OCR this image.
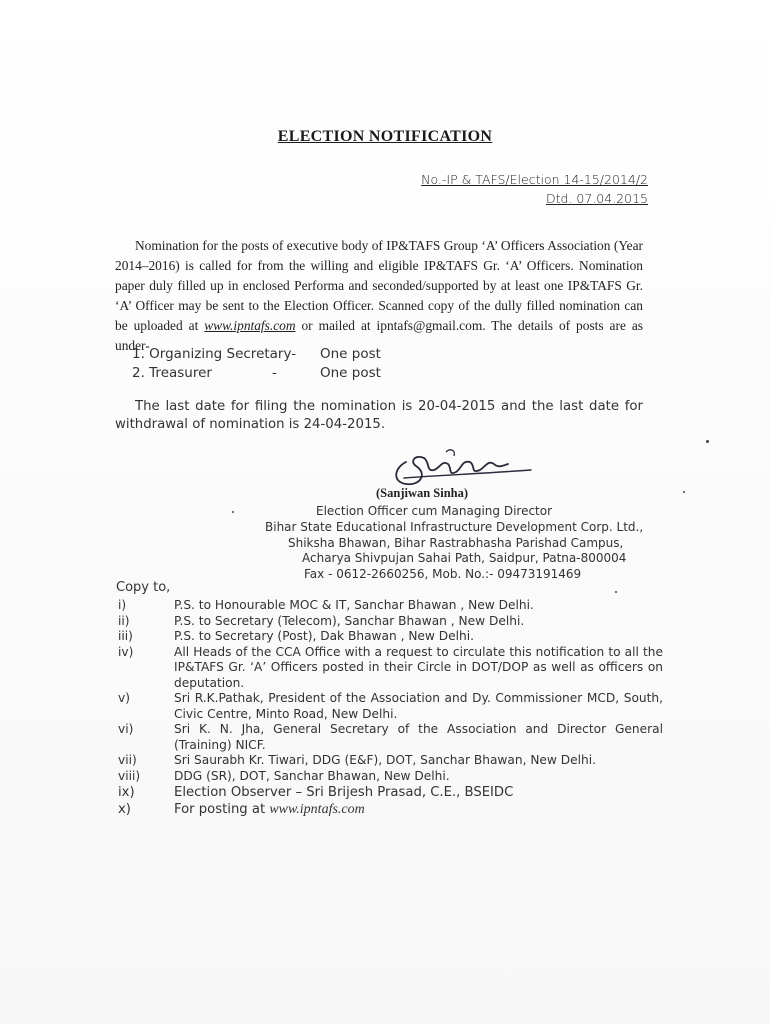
ELECTION NOTIFICATION
No.-IP & TAFS/Election 14-15/2014/2
Dtd. 07.04.2015
Nomination for the posts of executive body of IP&TAFS Group ‘A’ Officers Association (Year 2014–2016) is called for from the willing and eligible IP&TAFS Gr. ‘A’ Officers. Nomination paper duly filled up in enclosed Performa and seconded/supported by at least one IP&TAFS Gr. ‘A’ Officer may be sent to the Election Officer. Scanned copy of the dully filled nomination can be uploaded at www.ipntafs.com or mailed at ipntafs@gmail.com. The details of posts are as under-
1. Organizing Secretary-	One post
2. Treasurer              -	One post
The last date for filing the nomination is 20-04-2015 and the last date for withdrawal of nomination is 24-04-2015.
(Sanjiwan Sinha)
Election Officer cum Managing Director
Bihar State Educational Infrastructure Development Corp. Ltd.,
Shiksha Bhawan, Bihar Rastrabhasha Parishad Campus,
Acharya Shivpujan Sahai Path, Saidpur, Patna-800004
Fax - 0612-2660256, Mob. No.:- 09473191469
Copy to,
i)	P.S. to Honourable MOC & IT, Sanchar Bhawan , New Delhi.
ii)	P.S. to Secretary (Telecom), Sanchar Bhawan , New Delhi.
iii)	P.S. to Secretary (Post), Dak Bhawan , New Delhi.
iv)	All Heads of the CCA Office with a request to circulate this notification to all the IP&TAFS Gr. ‘A’ Officers posted in their Circle in DOT/DOP as well as officers on deputation.
v)	Sri R.K.Pathak, President of the Association and Dy. Commissioner MCD, South, Civic Centre, Minto Road, New Delhi.
vi)	Sri K. N. Jha, General Secretary of the Association and Director General (Training) NICF.
vii)	Sri Saurabh Kr. Tiwari, DDG (E&F), DOT, Sanchar Bhawan, New Delhi.
viii)	DDG (SR), DOT, Sanchar Bhawan, New Delhi.
ix)	Election Observer – Sri Brijesh Prasad, C.E., BSEIDC
x)	For posting at www.ipntafs.com
